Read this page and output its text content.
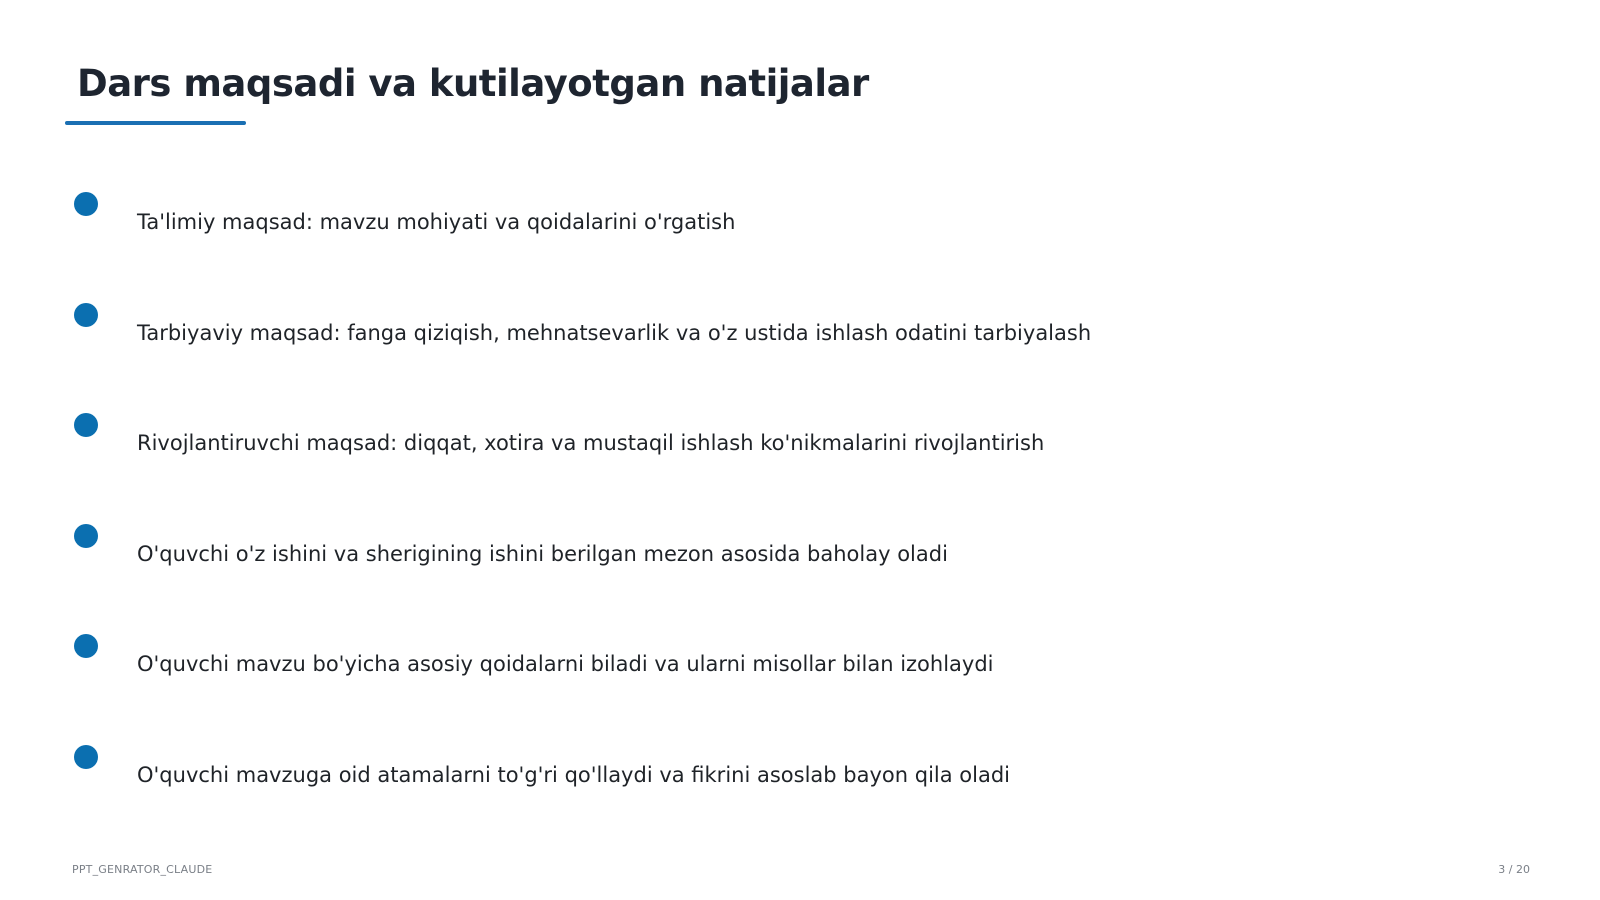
Dars maqsadi va kutilayotgan natijalar
Ta'limiy maqsad: mavzu mohiyati va qoidalarini o'rgatish
Tarbiyaviy maqsad: fanga qiziqish, mehnatsevarlik va o'z ustida ishlash odatini tarbiyalash
Rivojlantiruvchi maqsad: diqqat, xotira va mustaqil ishlash ko'nikmalarini rivojlantirish
O'quvchi o'z ishini va sherigining ishini berilgan mezon asosida baholay oladi
O'quvchi mavzu bo'yicha asosiy qoidalarni biladi va ularni misollar bilan izohlaydi
O'quvchi mavzuga oid atamalarni to'g'ri qo'llaydi va fikrini asoslab bayon qila oladi
PPT_GENRATOR_CLAUDE	3 / 20
